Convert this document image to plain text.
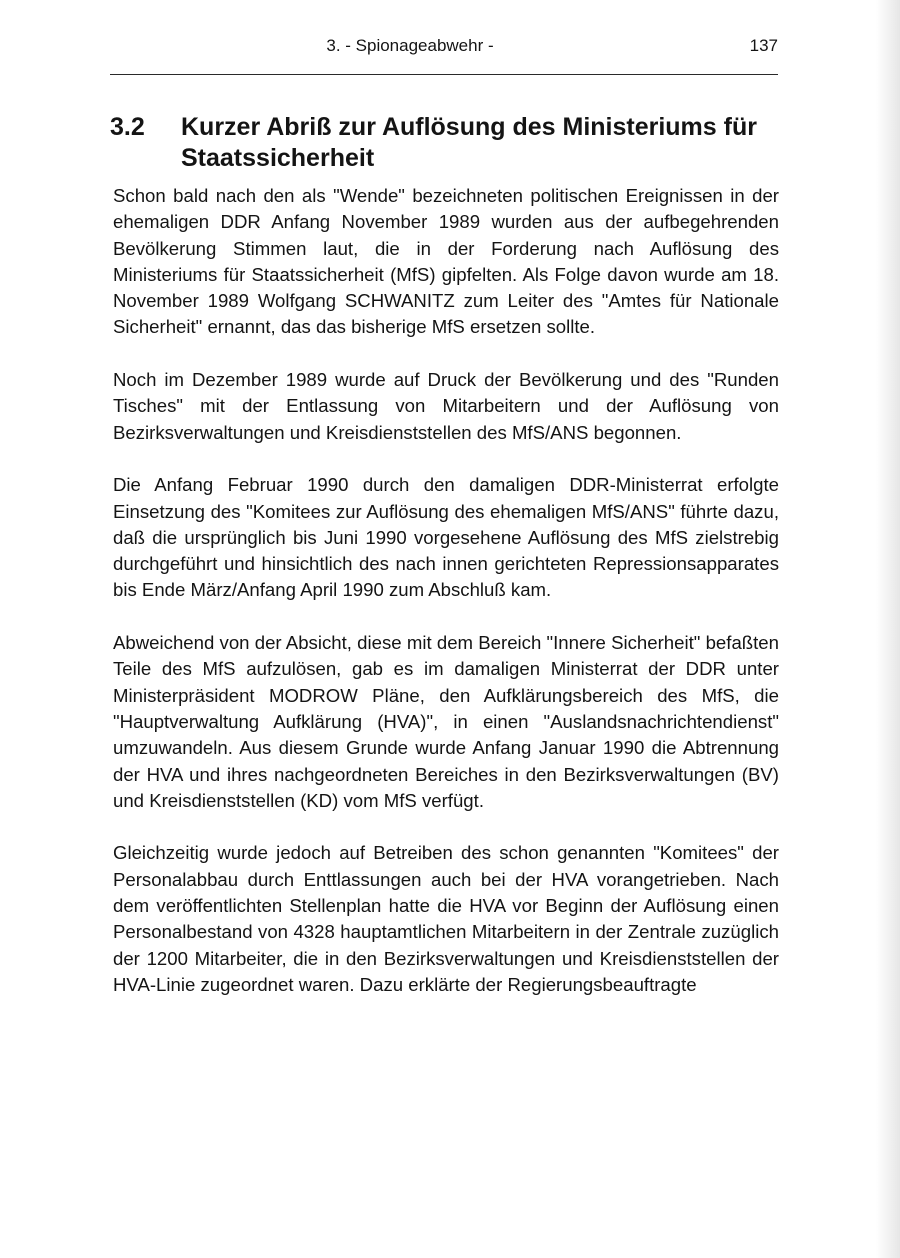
3. - Spionageabwehr -	137
3.2 Kurzer Abriß zur Auflösung des Ministeriums für Staatssicherheit

Schon bald nach den als "Wende" bezeichneten politischen Ereignissen in der ehemaligen DDR Anfang November 1989 wurden aus der aufbegehrenden Bevölkerung Stimmen laut, die in der Forderung nach Auflösung des Ministeriums für Staatssicherheit (MfS) gipfelten. Als Folge davon wurde am 18. November 1989 Wolfgang SCHWANITZ zum Leiter des "Amtes für Nationale Sicherheit" ernannt, das das bisherige MfS ersetzen sollte.

Noch im Dezember 1989 wurde auf Druck der Bevölkerung und des "Runden Tisches" mit der Entlassung von Mitarbeitern und der Auflösung von Bezirksverwaltungen und Kreisdienststellen des MfS/ANS begonnen.

Die Anfang Februar 1990 durch den damaligen DDR-Ministerrat erfolgte Einsetzung des "Komitees zur Auflösung des ehemaligen MfS/ANS" führte dazu, daß die ursprünglich bis Juni 1990 vorgesehene Auflösung des MfS zielstrebig durchgeführt und hinsichtlich des nach innen gerichteten Repressionsapparates bis Ende März/Anfang April 1990 zum Abschluß kam.

Abweichend von der Absicht, diese mit dem Bereich "Innere Sicherheit" befaßten Teile des MfS aufzulösen, gab es im damaligen Ministerrat der DDR unter Ministerpräsident MODROW Pläne, den Aufklärungsbereich des MfS, die "Hauptverwaltung Aufklärung (HVA)", in einen "Auslandsnachrichtendienst" umzuwandeln. Aus diesem Grunde wurde Anfang Januar 1990 die Abtrennung der HVA und ihres nachgeordneten Bereiches in den Bezirksverwaltungen (BV) und Kreisdienststellen (KD) vom MfS verfügt.

Gleichzeitig wurde jedoch auf Betreiben des schon genannten "Komitees" der Personalabbau durch Enttlassungen auch bei der HVA vorangetrieben. Nach dem veröffentlichten Stellenplan hatte die HVA vor Beginn der Auflösung einen Personalbestand von 4328 hauptamtlichen Mitarbeitern in der Zentrale zuzüglich der 1200 Mitarbeiter, die in den Bezirksverwaltungen und Kreisdienststellen der HVA-Linie zugeordnet waren. Dazu erklärte der Regierungsbeauftragte
